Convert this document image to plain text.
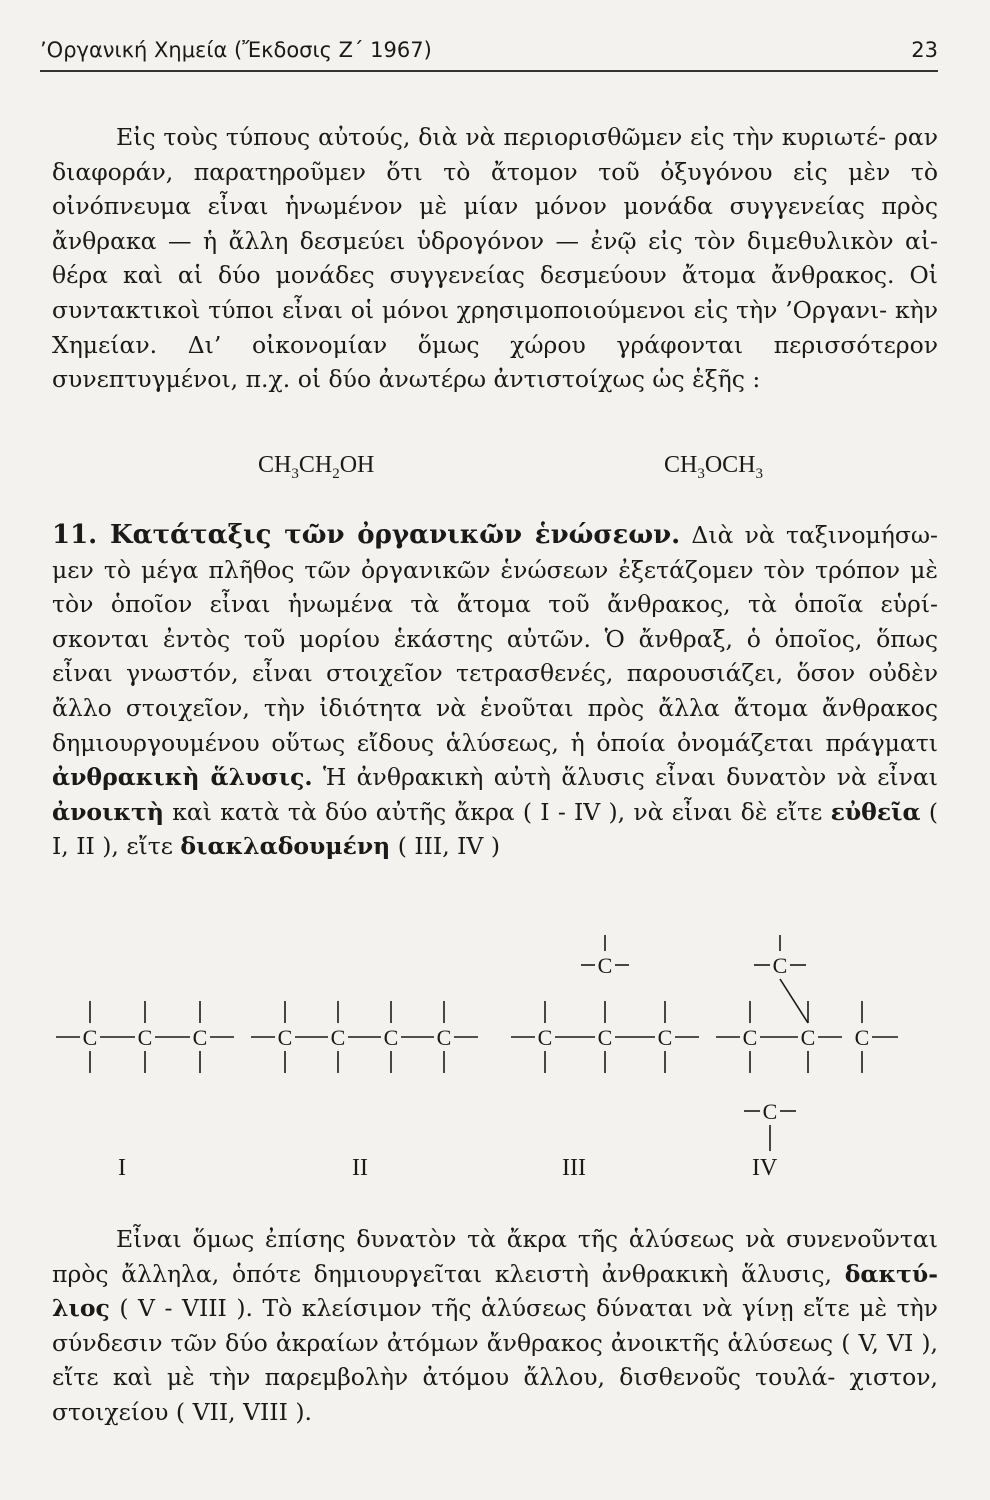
’Οργανική Χημεία (Ἔκδοσις Ζ΄ 1967)	23

Εἰς τοὺς τύπους αὐτούς, διὰ νὰ περιορισθῶμεν εἰς τὴν κυριωτέ- ραν διαφοράν, παρατηροῦμεν ὅτι τὸ ἄτομον τοῦ ὀξυγόνου εἰς μὲν τὸ οἰνόπνευμα εἶναι ἡνωμένον μὲ μίαν μόνον μονάδα συγγενείας πρὸς ἄνθρακα — ἡ ἄλλη δεσμεύει ὑδρογόνον — ἐνῷ εἰς τὸν διμεθυλικὸν αἰ- θέρα καὶ αἱ δύο μονάδες συγγενείας δεσμεύουν ἄτομα ἄνθρακος. Οἱ συντακτικοὶ τύποι εἶναι οἱ μόνοι χρησιμοποιούμενοι εἰς τὴν ’Οργανι- κὴν Χημείαν. Δι’ οἰκονομίαν ὅμως χώρου γράφονται περισσότερον συνεπτυγμένοι, π.χ. οἱ δύο ἀνωτέρω ἀντιστοίχως ὡς ἑξῆς :

$CH_3CH_2OH$	$CH_3OCH_3$

11. Κατάταξις τῶν ὀργανικῶν ἑνώσεων. Διὰ νὰ ταξινομήσω- μεν τὸ μέγα πλῆθος τῶν ὀργανικῶν ἑνώσεων ἐξετάζομεν τὸν τρόπον μὲ τὸν ὁποῖον εἶναι ἡνωμένα τὰ ἄτομα τοῦ ἄνθρακος, τὰ ὁποῖα εὑρί- σκονται ἐντὸς τοῦ μορίου ἑκάστης αὐτῶν. Ὁ ἄνθραξ, ὁ ὁποῖος, ὅπως εἶναι γνωστόν, εἶναι στοιχεῖον τετρασθενές, παρουσιάζει, ὅσον οὐδὲν ἄλλο στοιχεῖον, τὴν ἰδιότητα νὰ ἑνοῦται πρὸς ἄλλα ἄτομα ἄνθρακος δημιουργουμένου οὕτως εἴδους ἁλύσεως, ἡ ὁποία ὀνομάζεται πράγματι ἀνθρακικὴ ἅλυσις. Ἡ ἀνθρακικὴ αὐτὴ ἅλυσις εἶναι δυνατὸν νὰ εἶναι ἀνοικτὴ καὶ κατὰ τὰ δύο αὐτῆς ἄκρα ( I - IV ), νὰ εἶναι δὲ εἴτε εὐθεῖα ( I, II ), εἴτε διακλαδουμένη ( III, IV )

C C C	C C C C	C C C
C
C C C
C
C
I	II	III	IV

Εἶναι ὅμως ἐπίσης δυνατὸν τὰ ἄκρα τῆς ἁλύσεως νὰ συνενοῦνται πρὸς ἄλληλα, ὁπότε δημιουργεῖται κλειστὴ ἀνθρακικὴ ἅλυσις, δακτύ- λιος ( V - VIII ). Τὸ κλείσιμον τῆς ἁλύσεως δύναται νὰ γίνῃ εἴτε μὲ τὴν σύνδεσιν τῶν δύο ἀκραίων ἀτόμων ἄνθρακος ἀνοικτῆς ἁλύσεως ( V, VI ), εἴτε καὶ μὲ τὴν παρεμβολὴν ἀτόμου ἄλλου, δισθενοῦς τουλά- χιστον, στοιχείου ( VII, VIII ).
